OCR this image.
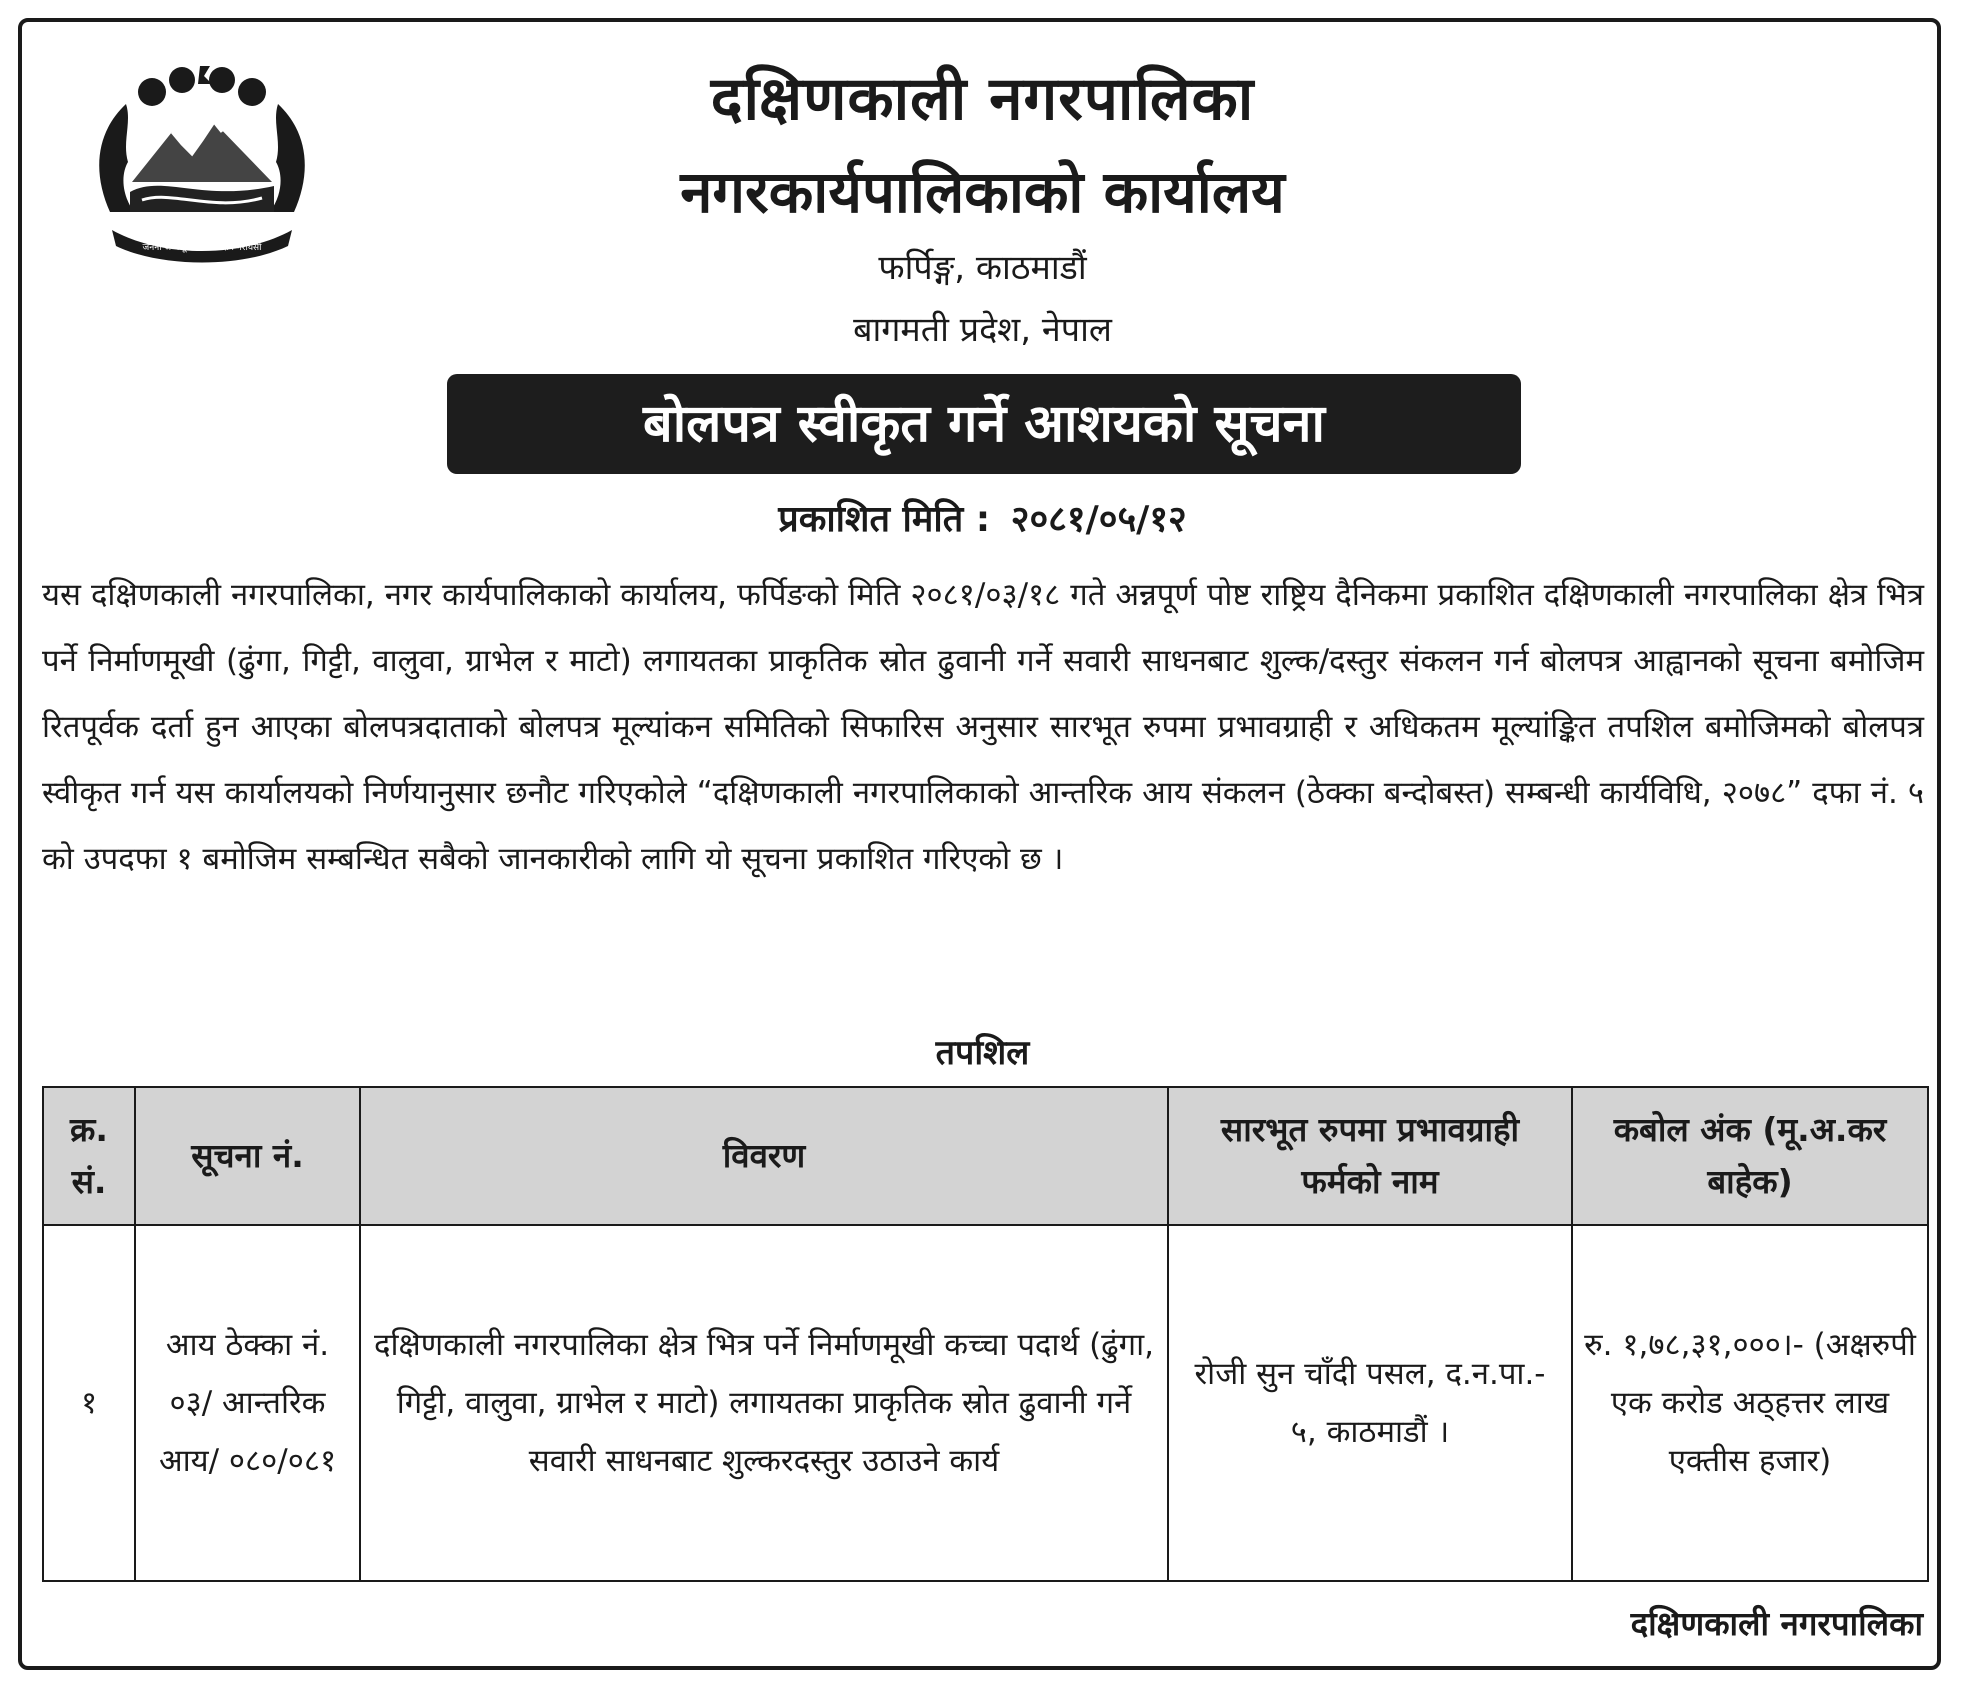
जननी जन्मभूमिश्च स्वर्गादपि गरीयसी
दक्षिणकाली नगरपालिका
नगरकार्यपालिकाको कार्यालय
फर्पिङ्ग, काठमाडौं
बागमती प्रदेश, नेपाल
बोलपत्र स्वीकृत गर्ने आशयको सूचना
प्रकाशित मिति : २०८१/०५/१२
यस दक्षिणकाली नगरपालिका, नगर कार्यपालिकाको कार्यालय, फर्पिङको मिति २०८१/०३/१८ गते अन्नपूर्ण पोष्ट राष्ट्रिय दैनिकमा प्रकाशित दक्षिणकाली नगरपालिका क्षेत्र भित्र पर्ने निर्माणमूखी (ढुंगा, गिट्टी, वालुवा, ग्राभेल र माटो) लगायतका प्राकृतिक स्रोत ढुवानी गर्ने सवारी साधनबाट शुल्क/दस्तुर संकलन गर्न बोलपत्र आह्वानको सूचना बमोजिम रितपूर्वक दर्ता हुन आएका बोलपत्रदाताको बोलपत्र मूल्यांकन समितिको सिफारिस अनुसार सारभूत रुपमा प्रभावग्राही र अधिकतम मूल्यांङ्कित तपशिल बमोजिमको बोलपत्र स्वीकृत गर्न यस कार्यालयको निर्णयानुसार छनौट गरिएकोले “दक्षिणकाली नगरपालिकाको आन्तरिक आय संकलन (ठेक्का बन्दोबस्त) सम्बन्धी कार्यविधि, २०७८” दफा नं. ५ को उपदफा १ बमोजिम सम्बन्धित सबैको जानकारीको लागि यो सूचना प्रकाशित गरिएको छ ।
तपशिल
क्र. सं.	सूचना नं.	विवरण	सारभूत रुपमा प्रभावग्राही फर्मको नाम	कबोल अंक (मू.अ.कर बाहेक)
१	आय ठेक्का नं. ०३/ आन्तरिक आय/ ०८०/०८१	दक्षिणकाली नगरपालिका क्षेत्र भित्र पर्ने निर्माणमूखी कच्चा पदार्थ (ढुंगा, गिट्टी, वालुवा, ग्राभेल र माटो) लगायतका प्राकृतिक स्रोत ढुवानी गर्ने सवारी साधनबाट शुल्करदस्तुर उठाउने कार्य	रोजी सुन चाँदी पसल, द.न.पा.- ५, काठमाडौं ।	रु. १,७८,३१,०००।- (अक्षरुपी एक करोड अठ्हत्तर लाख एक्तीस हजार)
दक्षिणकाली नगरपालिका
